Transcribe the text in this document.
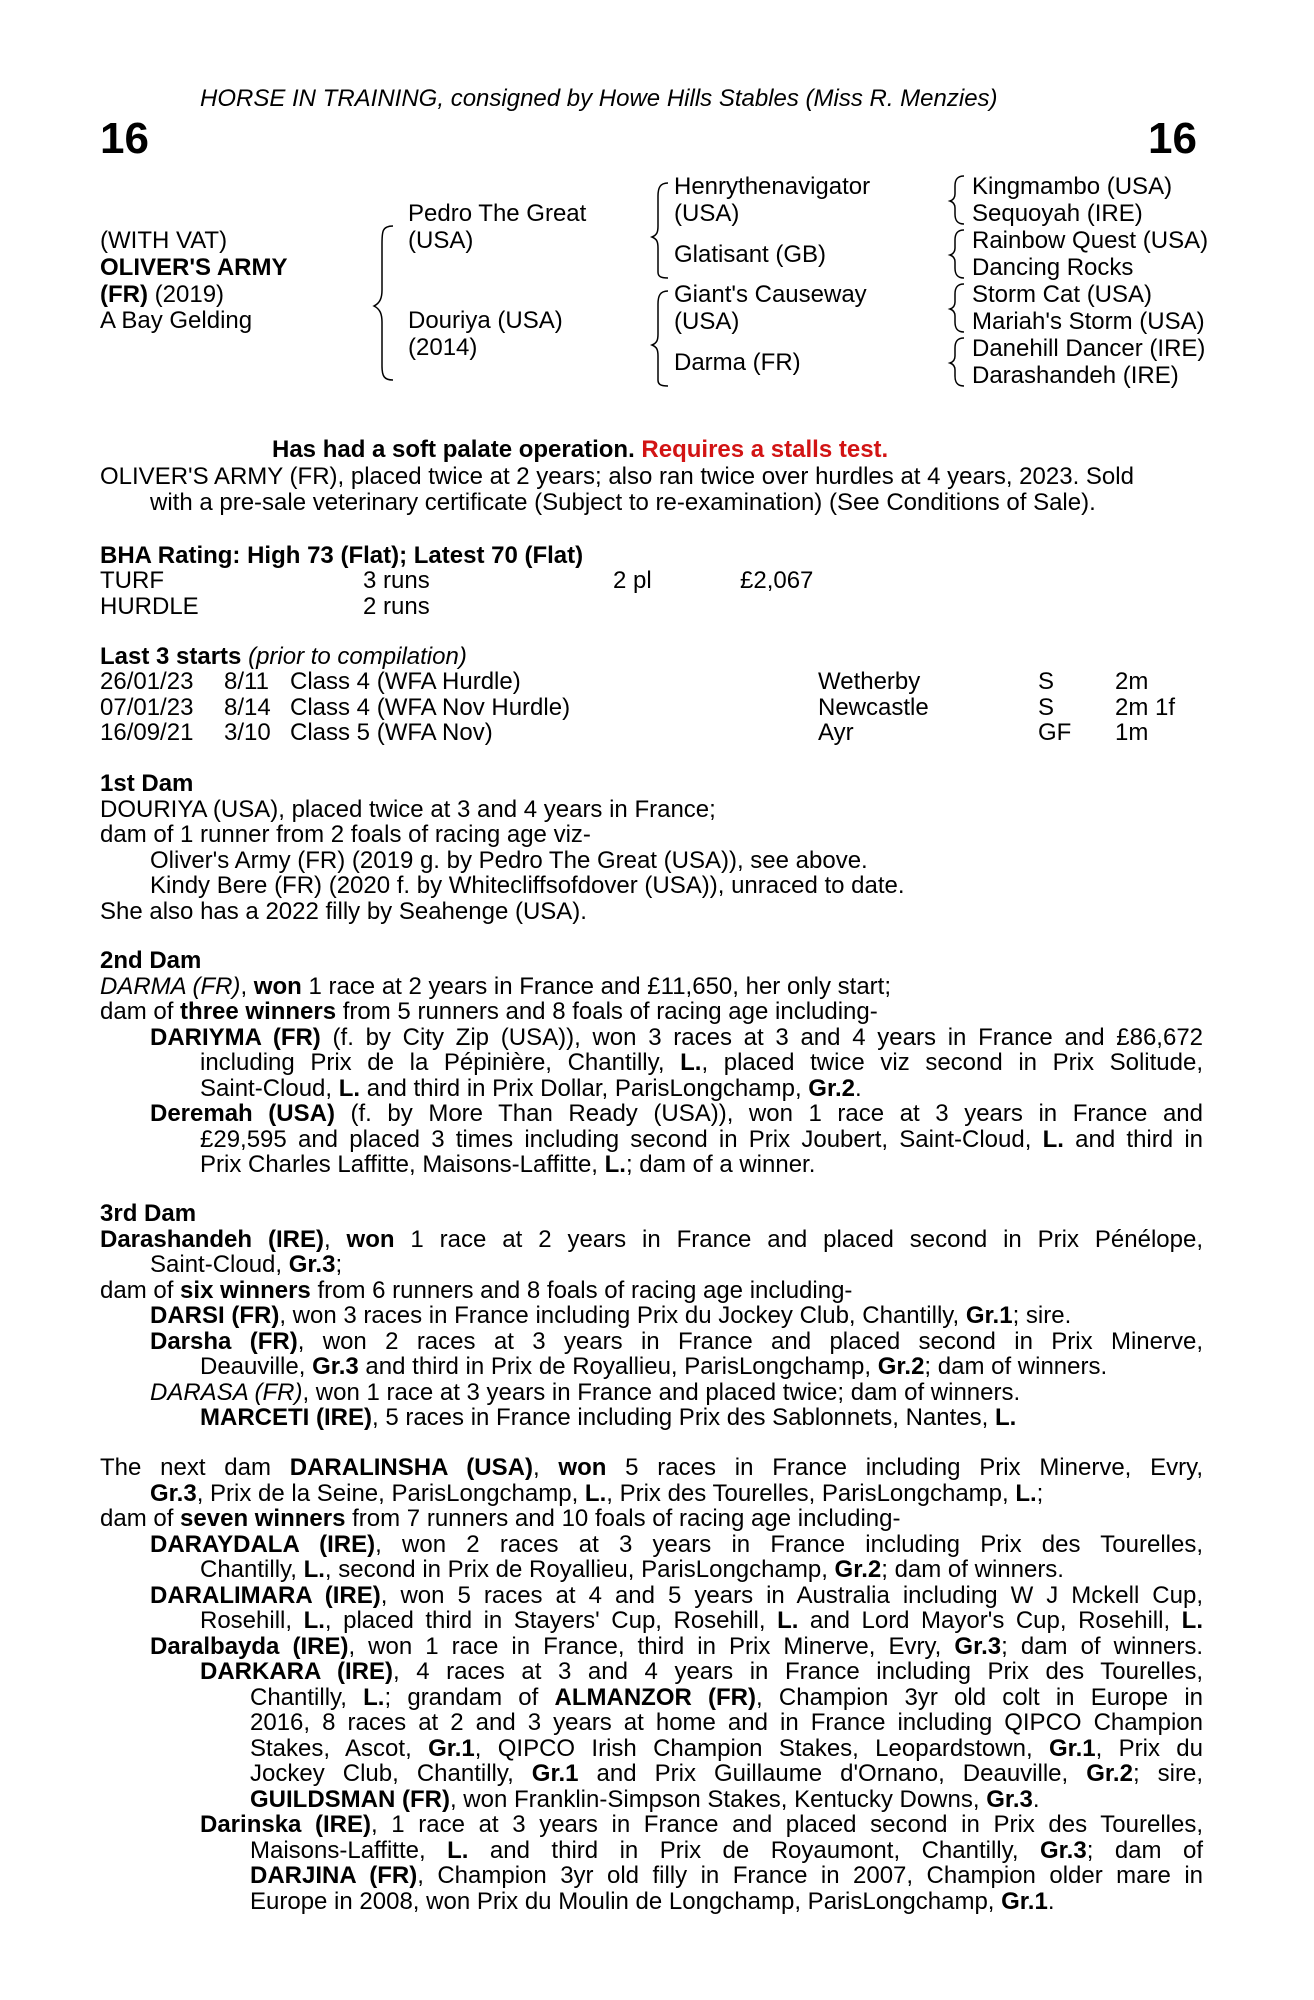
HORSE IN TRAINING, consigned by Howe Hills Stables (Miss R. Menzies)
16	16
(WITH VAT)
OLIVER'S ARMY
(FR) (2019)
A Bay Gelding
Pedro The Great
(USA)
Douriya (USA)
(2014)
Henrythenavigator
(USA)
Glatisant (GB)
Giant's Causeway
(USA)
Darma (FR)
Kingmambo (USA)
Sequoyah (IRE)
Rainbow Quest (USA)
Dancing Rocks
Storm Cat (USA)
Mariah's Storm (USA)
Danehill Dancer (IRE)
Darashandeh (IRE)
Has had a soft palate operation. Requires a stalls test.
OLIVER'S ARMY (FR), placed twice at 2 years; also ran twice over hurdles at 4 years, 2023. Sold
with a pre-sale veterinary certificate (Subject to re-examination) (See Conditions of Sale).
BHA Rating: High 73 (Flat); Latest 70 (Flat)
TURF	3 runs	2 pl	£2,067
HURDLE	2 runs
Last 3 starts (prior to compilation)
26/01/23 8/11 Class 4 (WFA Hurdle)	Wetherby	S	2m
07/01/23 8/14 Class 4 (WFA Nov Hurdle)	Newcastle	S	2m 1f
16/09/21 3/10 Class 5 (WFA Nov)	Ayr	GF 1m
1st Dam
DOURIYA (USA), placed twice at 3 and 4 years in France;
dam of 1 runner from 2 foals of racing age viz-
Oliver's Army (FR) (2019 g. by Pedro The Great (USA)), see above.
Kindy Bere (FR) (2020 f. by Whitecliffsofdover (USA)), unraced to date.
She also has a 2022 filly by Seahenge (USA).
2nd Dam
DARMA (FR), won 1 race at 2 years in France and £11,650, her only start;
dam of three winners from 5 runners and 8 foals of racing age including-
DARIYMA (FR) (f. by City Zip (USA)), won 3 races at 3 and 4 years in France and £86,672
including Prix de la Pépinière, Chantilly, L., placed twice viz second in Prix Solitude,
Saint-Cloud, L. and third in Prix Dollar, ParisLongchamp, Gr.2.
Deremah (USA) (f. by More Than Ready (USA)), won 1 race at 3 years in France and
£29,595 and placed 3 times including second in Prix Joubert, Saint-Cloud, L. and third in
Prix Charles Laffitte, Maisons-Laffitte, L.; dam of a winner.
3rd Dam
Darashandeh (IRE), won 1 race at 2 years in France and placed second in Prix Pénélope,
Saint-Cloud, Gr.3;
dam of six winners from 6 runners and 8 foals of racing age including-
DARSI (FR), won 3 races in France including Prix du Jockey Club, Chantilly, Gr.1; sire.
Darsha (FR), won 2 races at 3 years in France and placed second in Prix Minerve,
Deauville, Gr.3 and third in Prix de Royallieu, ParisLongchamp, Gr.2; dam of winners.
DARASA (FR), won 1 race at 3 years in France and placed twice; dam of winners.
MARCETI (IRE), 5 races in France including Prix des Sablonnets, Nantes, L.
The next dam DARALINSHA (USA), won 5 races in France including Prix Minerve, Evry,
Gr.3, Prix de la Seine, ParisLongchamp, L., Prix des Tourelles, ParisLongchamp, L.;
dam of seven winners from 7 runners and 10 foals of racing age including-
DARAYDALA (IRE), won 2 races at 3 years in France including Prix des Tourelles,
Chantilly, L., second in Prix de Royallieu, ParisLongchamp, Gr.2; dam of winners.
DARALIMARA (IRE), won 5 races at 4 and 5 years in Australia including W J Mckell Cup,
Rosehill, L., placed third in Stayers' Cup, Rosehill, L. and Lord Mayor's Cup, Rosehill, L.
Daralbayda (IRE), won 1 race in France, third in Prix Minerve, Evry, Gr.3; dam of winners.
DARKARA (IRE), 4 races at 3 and 4 years in France including Prix des Tourelles,
Chantilly, L.; grandam of ALMANZOR (FR), Champion 3yr old colt in Europe in
2016, 8 races at 2 and 3 years at home and in France including QIPCO Champion
Stakes, Ascot, Gr.1, QIPCO Irish Champion Stakes, Leopardstown, Gr.1, Prix du
Jockey Club, Chantilly, Gr.1 and Prix Guillaume d'Ornano, Deauville, Gr.2; sire,
GUILDSMAN (FR), won Franklin-Simpson Stakes, Kentucky Downs, Gr.3.
Darinska (IRE), 1 race at 3 years in France and placed second in Prix des Tourelles,
Maisons-Laffitte, L. and third in Prix de Royaumont, Chantilly, Gr.3; dam of
DARJINA (FR), Champion 3yr old filly in France in 2007, Champion older mare in
Europe in 2008, won Prix du Moulin de Longchamp, ParisLongchamp, Gr.1.
